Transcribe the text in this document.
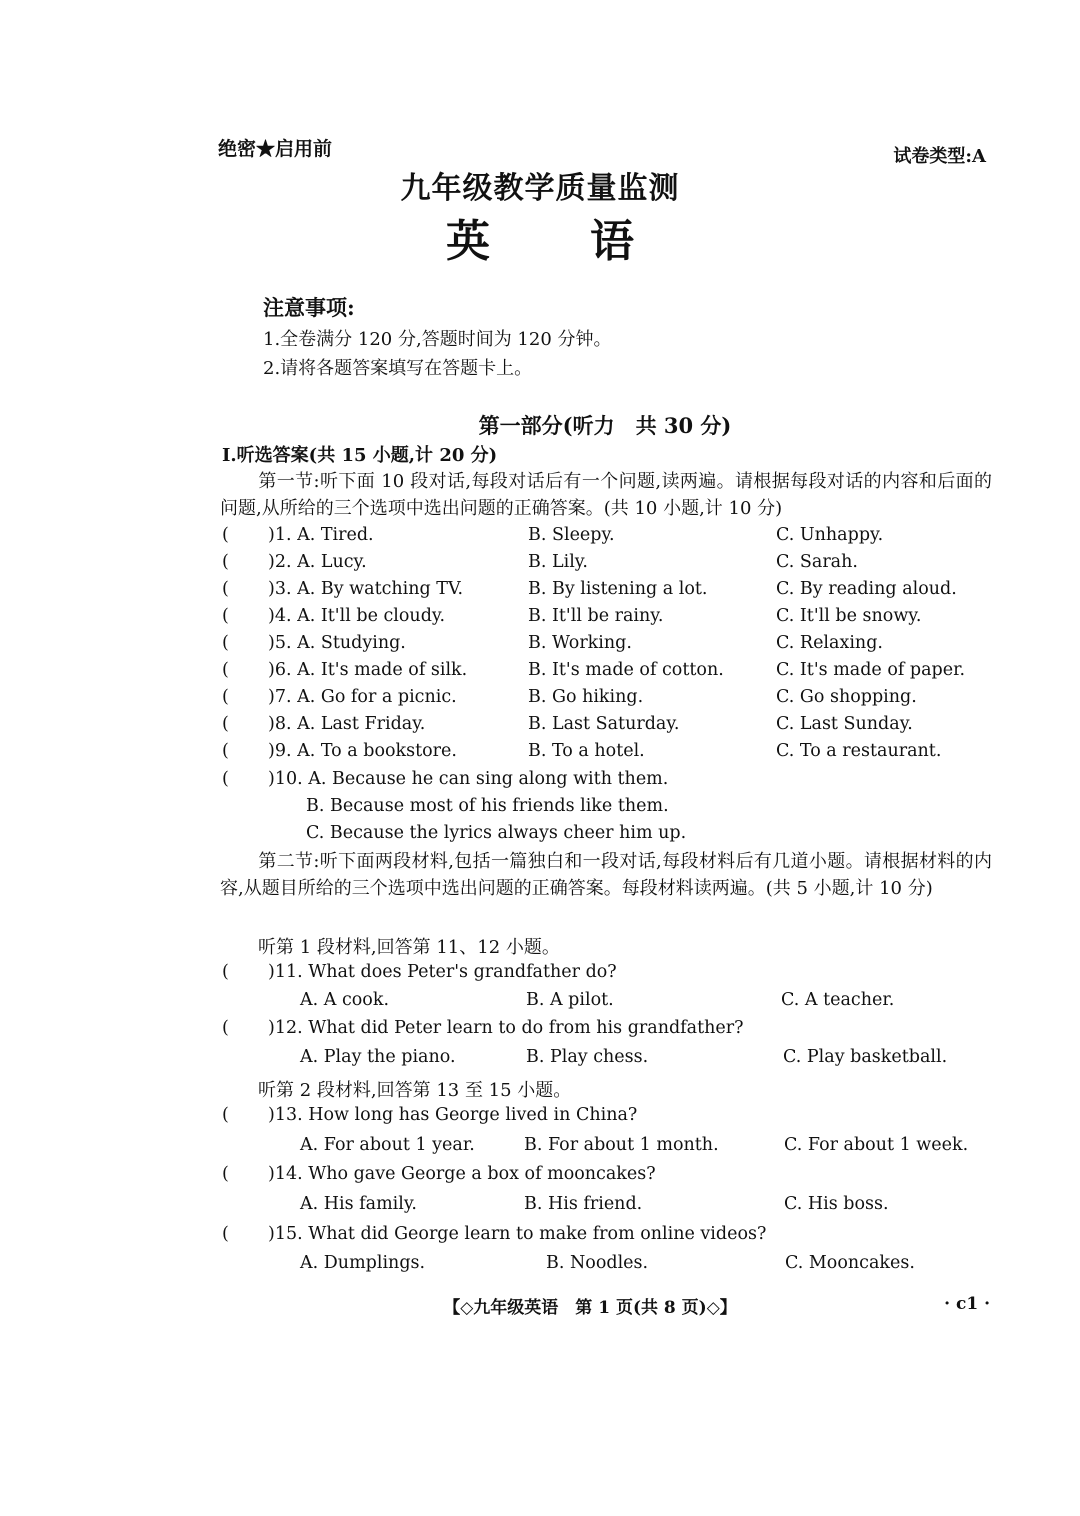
绝密★启用前	试卷类型:A
九年级教学质量监测
英语
注意事项:
1.全卷满分 120 分,答题时间为 120 分钟。
2.请将各题答案填写在答题卡上。
第一部分(听力　共 30 分)
Ⅰ.听选答案(共 15 小题,计 20 分)
第一节:听下面 10 段对话,每段对话后有一个问题,读两遍。请根据每段对话的内容和后面的问题,从所给的三个选项中选出问题的正确答案。(共 10 小题,计 10 分)
( )1. A. Tired.	B. Sleepy.	C. Unhappy.
( )2. A. Lucy.	B. Lily.	C. Sarah.
( )3. A. By watching TV.	B. By listening a lot.	C. By reading aloud.
( )4. A. It'll be cloudy.	B. It'll be rainy.	C. It'll be snowy.
( )5. A. Studying.	B. Working.	C. Relaxing.
( )6. A. It's made of silk.	B. It's made of cotton.	C. It's made of paper.
( )7. A. Go for a picnic.	B. Go hiking.	C. Go shopping.
( )8. A. Last Friday.	B. Last Saturday.	C. Last Sunday.
( )9. A. To a bookstore.	B. To a hotel.	C. To a restaurant.
( )10. A. Because he can sing along with them.
B. Because most of his friends like them.
C. Because the lyrics always cheer him up.
第二节:听下面两段材料,包括一篇独白和一段对话,每段材料后有几道小题。请根据材料的内容,从题目所给的三个选项中选出问题的正确答案。每段材料读两遍。(共 5 小题,计 10 分)
听第 1 段材料,回答第 11、12 小题。
( )11. What does Peter's grandfather do?
A. A cook.	B. A pilot.	C. A teacher.
( )12. What did Peter learn to do from his grandfather?
A. Play the piano.	B. Play chess.	C. Play basketball.
听第 2 段材料,回答第 13 至 15 小题。
( )13. How long has George lived in China?
A. For about 1 year.	B. For about 1 month.	C. For about 1 week.
( )14. Who gave George a box of mooncakes?
A. His family.	B. His friend.	C. His boss.
( )15. What did George learn to make from online videos?
A. Dumplings.	B. Noodles.	C. Mooncakes.
【◇九年级英语　第 1 页(共 8 页)◇】	· c1 ·
